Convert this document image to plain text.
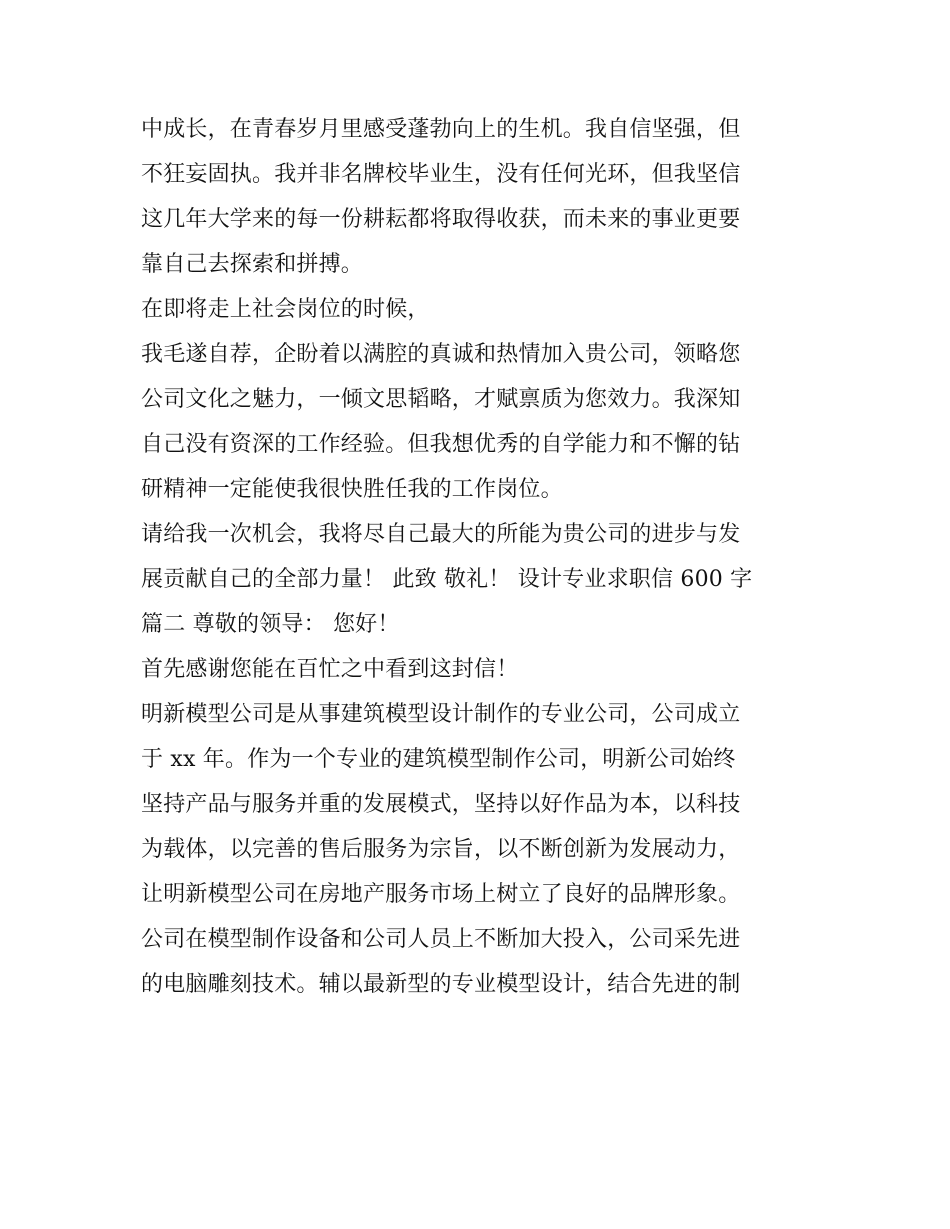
中成长，在青春岁月里感受蓬勃向上的生机。我自信坚强，但
不狂妄固执。我并非名牌校毕业生，没有任何光环，但我坚信
这几年大学来的每一份耕耘都将取得收获，而未来的事业更要
靠自己去探索和拼搏。
在即将走上社会岗位的时候，
我毛遂自荐，企盼着以满腔的真诚和热情加入贵公司，领略您
公司文化之魅力，一倾文思韬略，才赋禀质为您效力。我深知
自己没有资深的工作经验。但我想优秀的自学能力和不懈的钻
研精神一定能使我很快胜任我的工作岗位。
请给我一次机会，我将尽自己最大的所能为贵公司的进步与发
展贡献自己的全部力量！ 此致 敬礼！ 设计专业求职信 600 字
篇二 尊敬的领导： 您好！
首先感谢您能在百忙之中看到这封信！
明新模型公司是从事建筑模型设计制作的专业公司，公司成立
于 xx 年。作为一个专业的建筑模型制作公司，明新公司始终
坚持产品与服务并重的发展模式，坚持以好作品为本，以科技
为载体，以完善的售后服务为宗旨，以不断创新为发展动力，
让明新模型公司在房地产服务市场上树立了良好的品牌形象。
公司在模型制作设备和公司人员上不断加大投入，公司采先进
的电脑雕刻技术。辅以最新型的专业模型设计，结合先进的制
